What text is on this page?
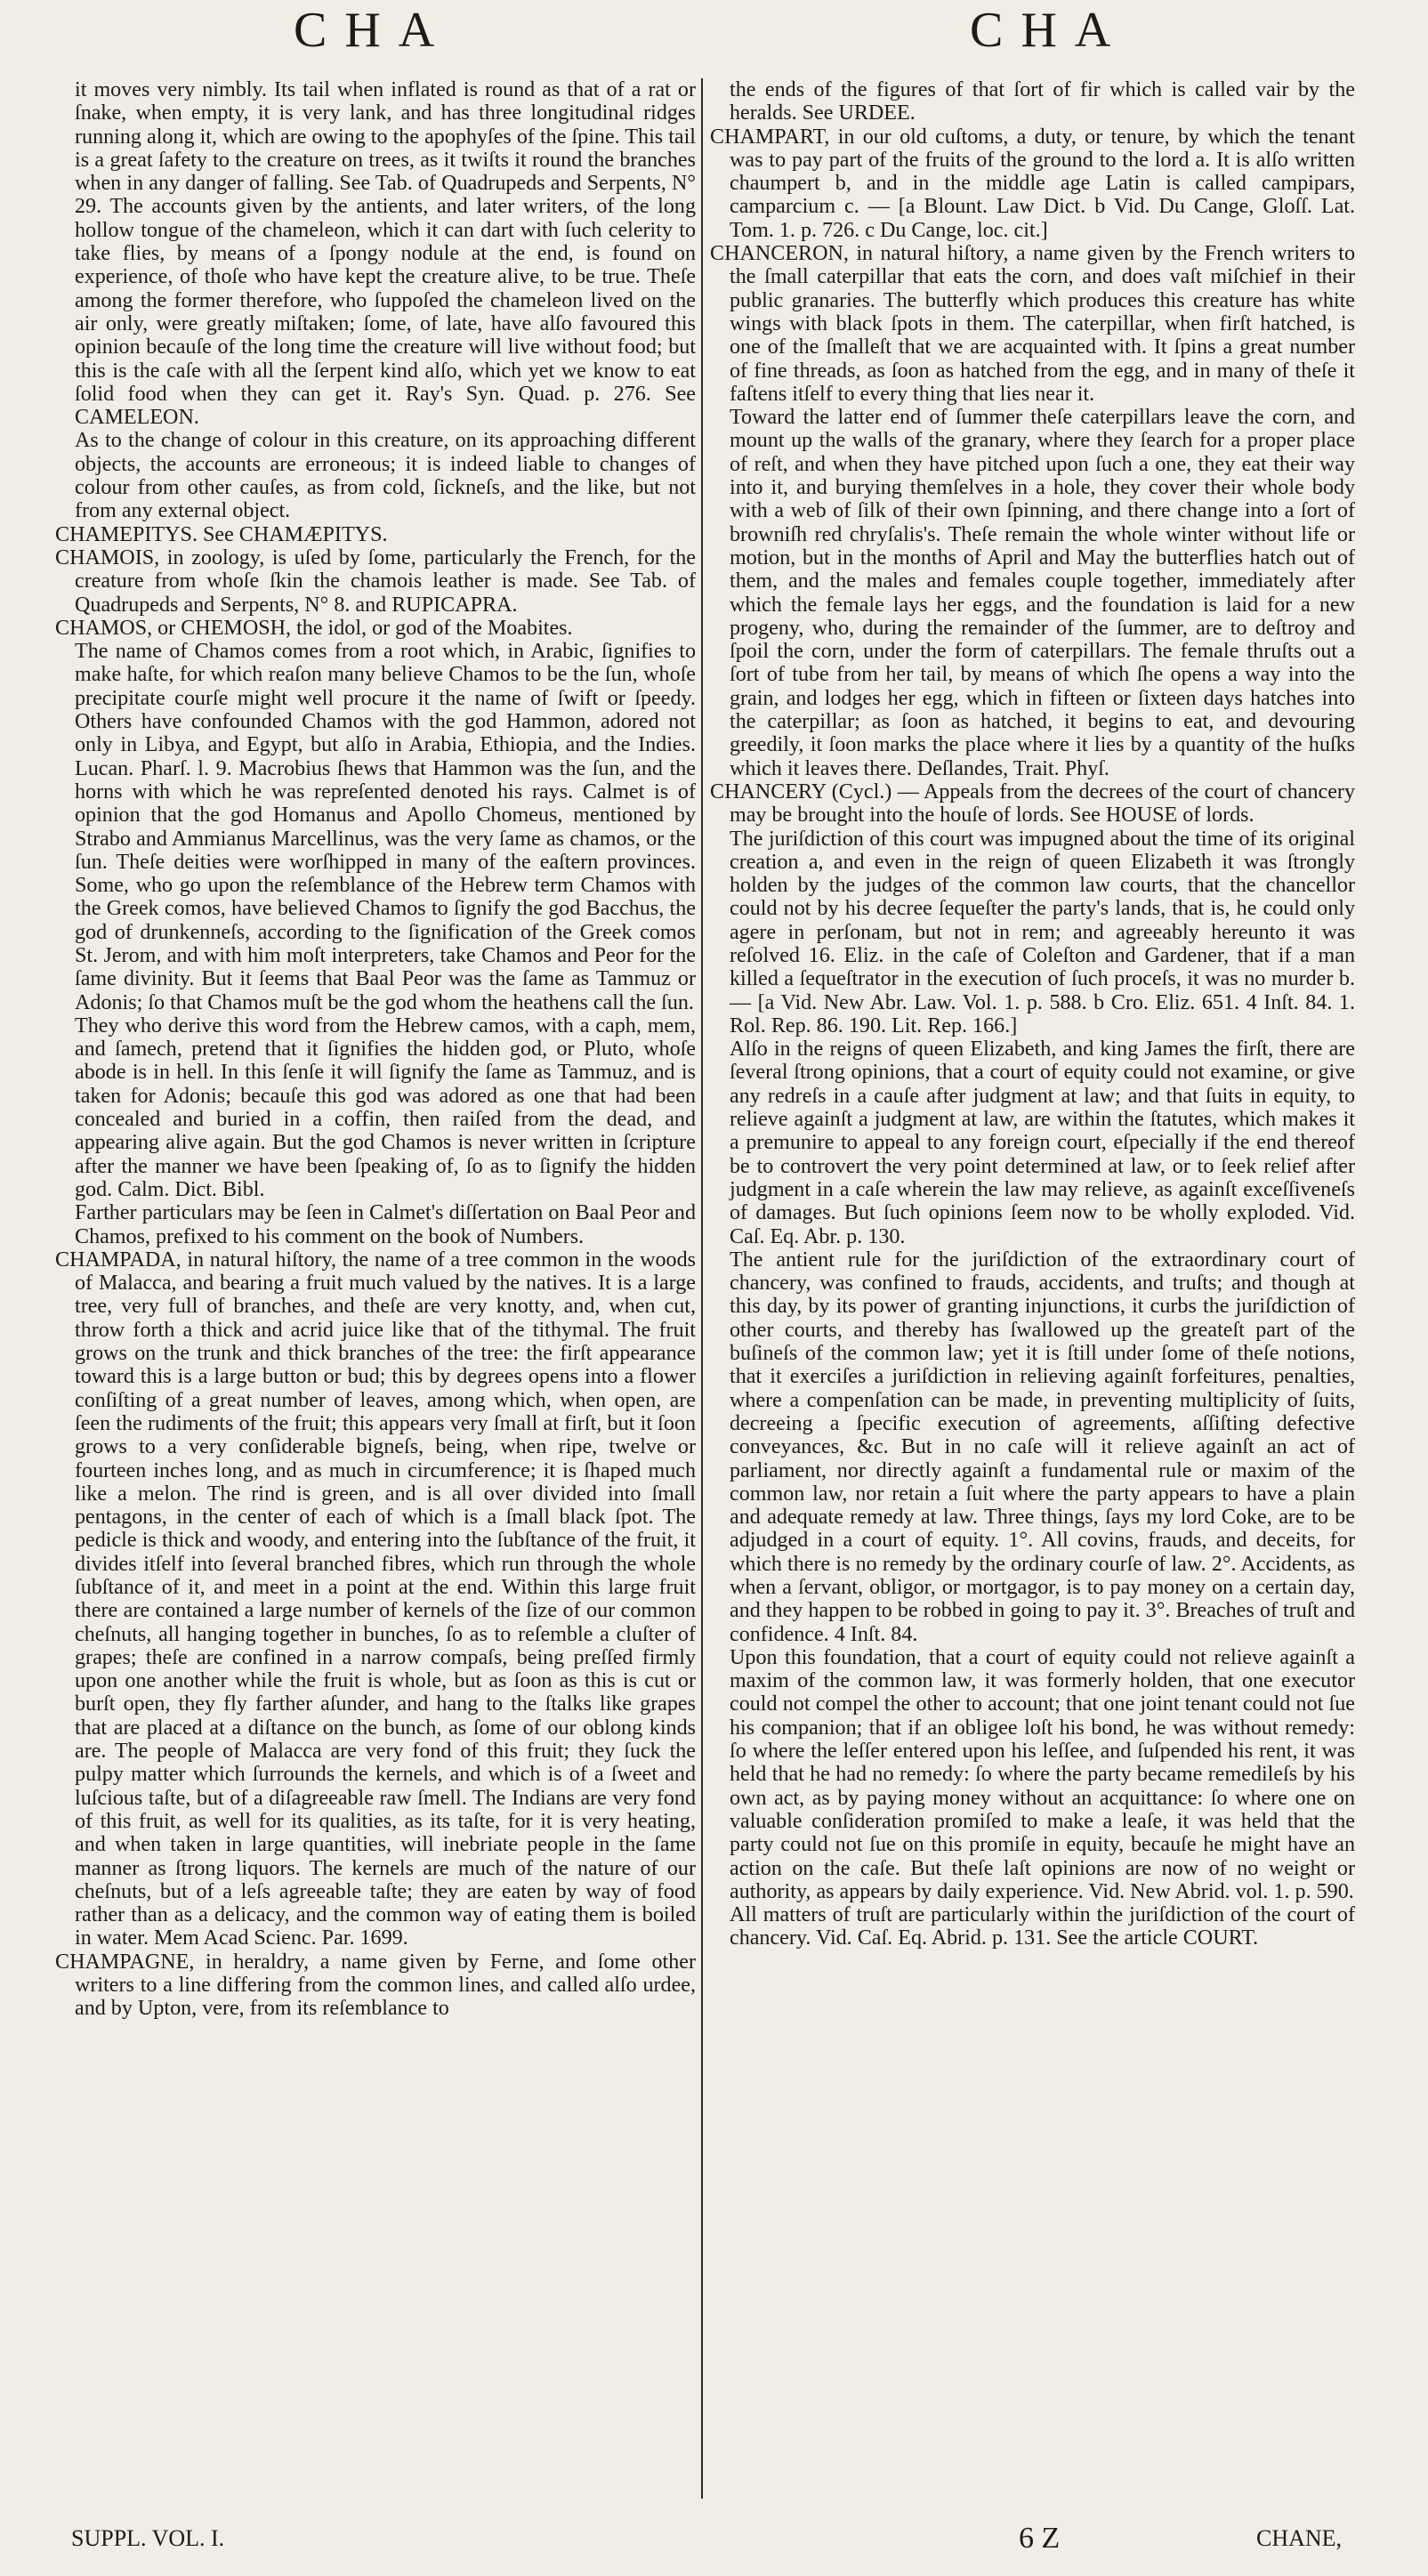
CHA	CHA

it moves very nimbly. Its tail when inflated is round as that of a rat or ſnake, when empty, it is very lank, and has three longitudinal ridges running along it, which are owing to the apophyſes of the ſpine. This tail is a great ſafety to the creature on trees, as it twiſts it round the branches when in any danger of falling. See Tab. of Quadrupeds and Serpents, N° 29. The accounts given by the antients, and later writers, of the long hollow tongue of the chameleon, which it can dart with ſuch celerity to take flies, by means of a ſpongy nodule at the end, is found on experience, of thoſe who have kept the creature alive, to be true. Theſe among the former therefore, who ſuppoſed the chameleon lived on the air only, were greatly miſtaken; ſome, of late, have alſo favoured this opinion becauſe of the long time the creature will live without food; but this is the caſe with all the ſerpent kind alſo, which yet we know to eat ſolid food when they can get it. Ray's Syn. Quad. p. 276. See CAMELEON.

As to the change of colour in this creature, on its approaching different objects, the accounts are erroneous; it is indeed liable to changes of colour from other cauſes, as from cold, ſickneſs, and the like, but not from any external object.

CHAMEPITYS. See CHAMÆPITYS.

CHAMOIS, in zoology, is uſed by ſome, particularly the French, for the creature from whoſe ſkin the chamois leather is made. See Tab. of Quadrupeds and Serpents, N° 8. and RUPICAPRA.

CHAMOS, or CHEMOSH, the idol, or god of the Moabites.

The name of Chamos comes from a root which, in Arabic, ſignifies to make haſte, for which reaſon many believe Chamos to be the ſun, whoſe precipitate courſe might well procure it the name of ſwift or ſpeedy. Others have confounded Chamos with the god Hammon, adored not only in Libya, and Egypt, but alſo in Arabia, Ethiopia, and the Indies. Lucan. Pharſ. l. 9. Macrobius ſhews that Hammon was the ſun, and the horns with which he was repreſented denoted his rays. Calmet is of opinion that the god Homanus and Apollo Chomeus, mentioned by Strabo and Ammianus Marcellinus, was the very ſame as chamos, or the ſun. Theſe deities were worſhipped in many of the eaſtern provinces. Some, who go upon the reſemblance of the Hebrew term Chamos with the Greek comos, have believed Chamos to ſignify the god Bacchus, the god of drunkenneſs, according to the ſignification of the Greek comos St. Jerom, and with him moſt interpreters, take Chamos and Peor for the ſame divinity. But it ſeems that Baal Peor was the ſame as Tammuz or Adonis; ſo that Chamos muſt be the god whom the heathens call the ſun.

They who derive this word from the Hebrew camos, with a caph, mem, and ſamech, pretend that it ſignifies the hidden god, or Pluto, whoſe abode is in hell. In this ſenſe it will ſignify the ſame as Tammuz, and is taken for Adonis; becauſe this god was adored as one that had been concealed and buried in a coffin, then raiſed from the dead, and appearing alive again. But the god Chamos is never written in ſcripture after the manner we have been ſpeaking of, ſo as to ſignify the hidden god. Calm. Dict. Bibl.

Farther particulars may be ſeen in Calmet's diſſertation on Baal Peor and Chamos, prefixed to his comment on the book of Numbers.

CHAMPADA, in natural hiſtory, the name of a tree common in the woods of Malacca, and bearing a fruit much valued by the natives. It is a large tree, very full of branches, and theſe are very knotty, and, when cut, throw forth a thick and acrid juice like that of the tithymal. The fruit grows on the trunk and thick branches of the tree: the firſt appearance toward this is a large button or bud; this by degrees opens into a flower conſiſting of a great number of leaves, among which, when open, are ſeen the rudiments of the fruit; this appears very ſmall at firſt, but it ſoon grows to a very conſiderable bigneſs, being, when ripe, twelve or fourteen inches long, and as much in circumference; it is ſhaped much like a melon. The rind is green, and is all over divided into ſmall pentagons, in the center of each of which is a ſmall black ſpot. The pedicle is thick and woody, and entering into the ſubſtance of the fruit, it divides itſelf into ſeveral branched fibres, which run through the whole ſubſtance of it, and meet in a point at the end. Within this large fruit there are contained a large number of kernels of the ſize of our common cheſnuts, all hanging together in bunches, ſo as to reſemble a cluſter of grapes; theſe are confined in a narrow compaſs, being preſſed firmly upon one another while the fruit is whole, but as ſoon as this is cut or burſt open, they fly farther aſunder, and hang to the ſtalks like grapes that are placed at a diſtance on the bunch, as ſome of our oblong kinds are. The people of Malacca are very fond of this fruit; they ſuck the pulpy matter which ſurrounds the kernels, and which is of a ſweet and luſcious taſte, but of a diſagreeable raw ſmell. The Indians are very fond of this fruit, as well for its qualities, as its taſte, for it is very heating, and when taken in large quantities, will inebriate people in the ſame manner as ſtrong liquors. The kernels are much of the nature of our cheſnuts, but of a leſs agreeable taſte; they are eaten by way of food rather than as a delicacy, and the common way of eating them is boiled in water. Mem Acad Scienc. Par. 1699.

CHAMPAGNE, in heraldry, a name given by Ferne, and ſome other writers to a line differing from the common lines, and called alſo urdee, and by Upton, vere, from its reſemblance to

the ends of the figures of that ſort of fir which is called vair by the heralds. See URDEE.

CHAMPART, in our old cuſtoms, a duty, or tenure, by which the tenant was to pay part of the fruits of the ground to the lord a. It is alſo written chaumpert b, and in the middle age Latin is called campipars, camparcium c. — [a Blount. Law Dict. b Vid. Du Cange, Gloſſ. Lat. Tom. 1. p. 726. c Du Cange, loc. cit.]

CHANCERON, in natural hiſtory, a name given by the French writers to the ſmall caterpillar that eats the corn, and does vaſt miſchief in their public granaries. The butterfly which produces this creature has white wings with black ſpots in them. The caterpillar, when firſt hatched, is one of the ſmalleſt that we are acquainted with. It ſpins a great number of fine threads, as ſoon as hatched from the egg, and in many of theſe it faſtens itſelf to every thing that lies near it.

Toward the latter end of ſummer theſe caterpillars leave the corn, and mount up the walls of the granary, where they ſearch for a proper place of reſt, and when they have pitched upon ſuch a one, they eat their way into it, and burying themſelves in a hole, they cover their whole body with a web of ſilk of their own ſpinning, and there change into a ſort of browniſh red chryſalis's. Theſe remain the whole winter without life or motion, but in the months of April and May the butterflies hatch out of them, and the males and females couple together, immediately after which the female lays her eggs, and the foundation is laid for a new progeny, who, during the remainder of the ſummer, are to deſtroy and ſpoil the corn, under the form of caterpillars. The female thruſts out a ſort of tube from her tail, by means of which ſhe opens a way into the grain, and lodges her egg, which in fifteen or ſixteen days hatches into the caterpillar; as ſoon as hatched, it begins to eat, and devouring greedily, it ſoon marks the place where it lies by a quantity of the huſks which it leaves there. Deſlandes, Trait. Phyſ.

CHANCERY (Cycl.) — Appeals from the decrees of the court of chancery may be brought into the houſe of lords. See HOUSE of lords.

The juriſdiction of this court was impugned about the time of its original creation a, and even in the reign of queen Elizabeth it was ſtrongly holden by the judges of the common law courts, that the chancellor could not by his decree ſequeſter the party's lands, that is, he could only agere in perſonam, but not in rem; and agreeably hereunto it was reſolved 16. Eliz. in the caſe of Coleſton and Gardener, that if a man killed a ſequeſtrator in the execution of ſuch proceſs, it was no murder b. — [a Vid. New Abr. Law. Vol. 1. p. 588. b Cro. Eliz. 651. 4 Inſt. 84. 1. Rol. Rep. 86. 190. Lit. Rep. 166.]

Alſo in the reigns of queen Elizabeth, and king James the firſt, there are ſeveral ſtrong opinions, that a court of equity could not examine, or give any redreſs in a cauſe after judgment at law; and that ſuits in equity, to relieve againſt a judgment at law, are within the ſtatutes, which makes it a premunire to appeal to any foreign court, eſpecially if the end thereof be to controvert the very point determined at law, or to ſeek relief after judgment in a caſe wherein the law may relieve, as againſt exceſſiveneſs of damages. But ſuch opinions ſeem now to be wholly exploded. Vid. Caſ. Eq. Abr. p. 130.

The antient rule for the juriſdiction of the extraordinary court of chancery, was confined to frauds, accidents, and truſts; and though at this day, by its power of granting injunctions, it curbs the juriſdiction of other courts, and thereby has ſwallowed up the greateſt part of the buſineſs of the common law; yet it is ſtill under ſome of theſe notions, that it exerciſes a juriſdiction in relieving againſt forfeitures, penalties, where a compenſation can be made, in preventing multiplicity of ſuits, decreeing a ſpecific execution of agreements, aſſiſting defective conveyances, &c. But in no caſe will it relieve againſt an act of parliament, nor directly againſt a fundamental rule or maxim of the common law, nor retain a ſuit where the party appears to have a plain and adequate remedy at law. Three things, ſays my lord Coke, are to be adjudged in a court of equity. 1°. All covins, frauds, and deceits, for which there is no remedy by the ordinary courſe of law. 2°. Accidents, as when a ſervant, obligor, or mortgagor, is to pay money on a certain day, and they happen to be robbed in going to pay it. 3°. Breaches of truſt and confidence. 4 Inſt. 84.

Upon this foundation, that a court of equity could not relieve againſt a maxim of the common law, it was formerly holden, that one executor could not compel the other to account; that one joint tenant could not ſue his companion; that if an obligee loſt his bond, he was without remedy: ſo where the leſſer entered upon his leſſee, and ſuſpended his rent, it was held that he had no remedy: ſo where the party became remedileſs by his own act, as by paying money without an acquittance: ſo where one on valuable conſideration promiſed to make a leaſe, it was held that the party could not ſue on this promiſe in equity, becauſe he might have an action on the caſe. But theſe laſt opinions are now of no weight or authority, as appears by daily experience. Vid. New Abrid. vol. 1. p. 590.

All matters of truſt are particularly within the juriſdiction of the court of chancery. Vid. Caſ. Eq. Abrid. p. 131. See the article COURT.

SUPPL. VOL. I.	6 Z	CHANE,
